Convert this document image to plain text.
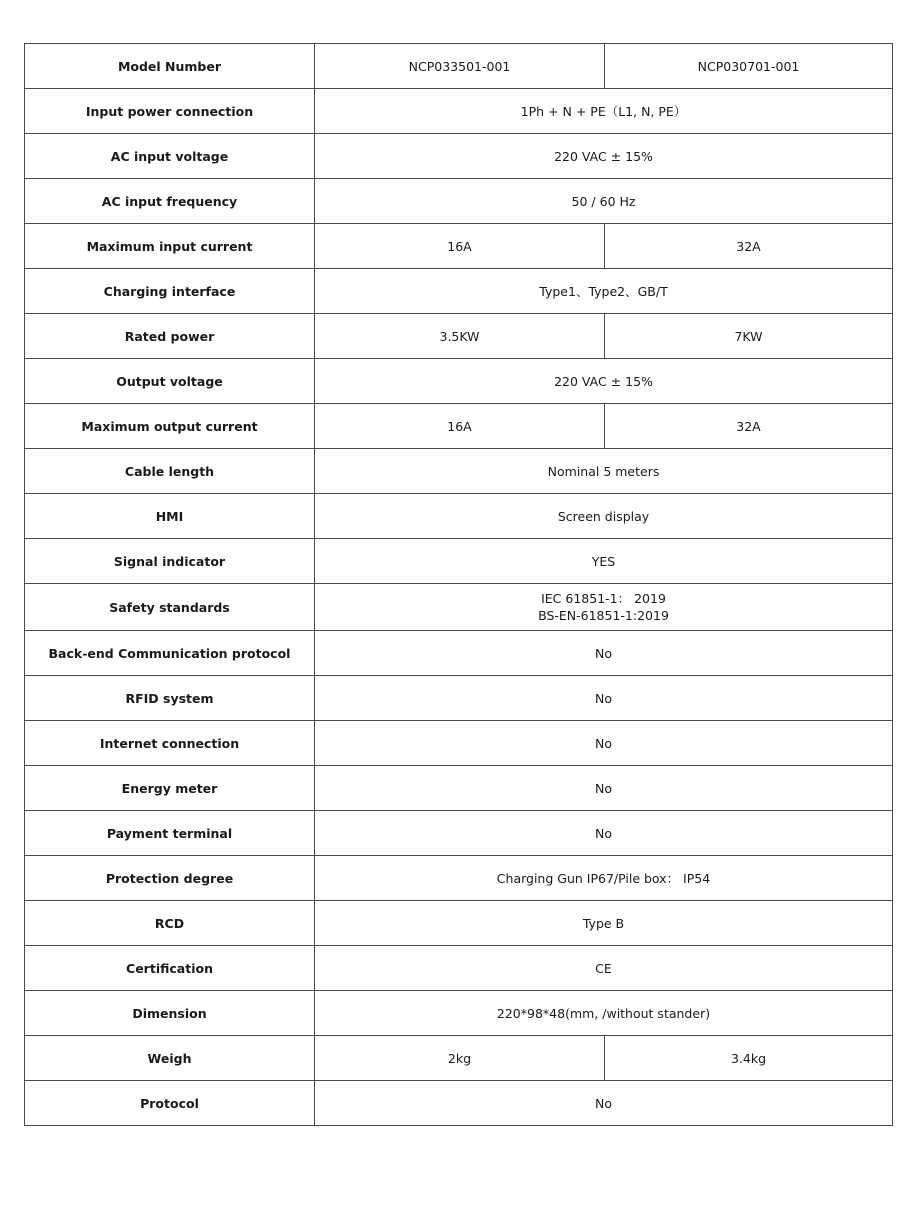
Model Number	NCP033501-001	NCP030701-001
Input power connection	1Ph + N + PE（L1, N, PE）	
AC input voltage	220 VAC ± 15%	
AC input frequency	50 / 60 Hz	
Maximum input current	16A	32A
Charging interface	Type1、Type2、GB/T	
Rated power	3.5KW	7KW
Output voltage	220 VAC ± 15%	
Maximum output current	16A	32A
Cable length	Nominal 5 meters	
HMI	Screen display	
Signal indicator	YES	
Safety standards	IEC 61851-1： 2019
BS-EN-61851-1:2019	

Back-end Communication protocol	No	
RFID system	No	
Internet connection	No	
Energy meter	No	
Payment terminal	No	
Protection degree	Charging Gun IP67/Pile box： IP54	
RCD	Type B	
Certification	CE	
Dimension	220*98*48(mm, /without stander)	
Weigh	2kg	3.4kg
Protocol	No	
